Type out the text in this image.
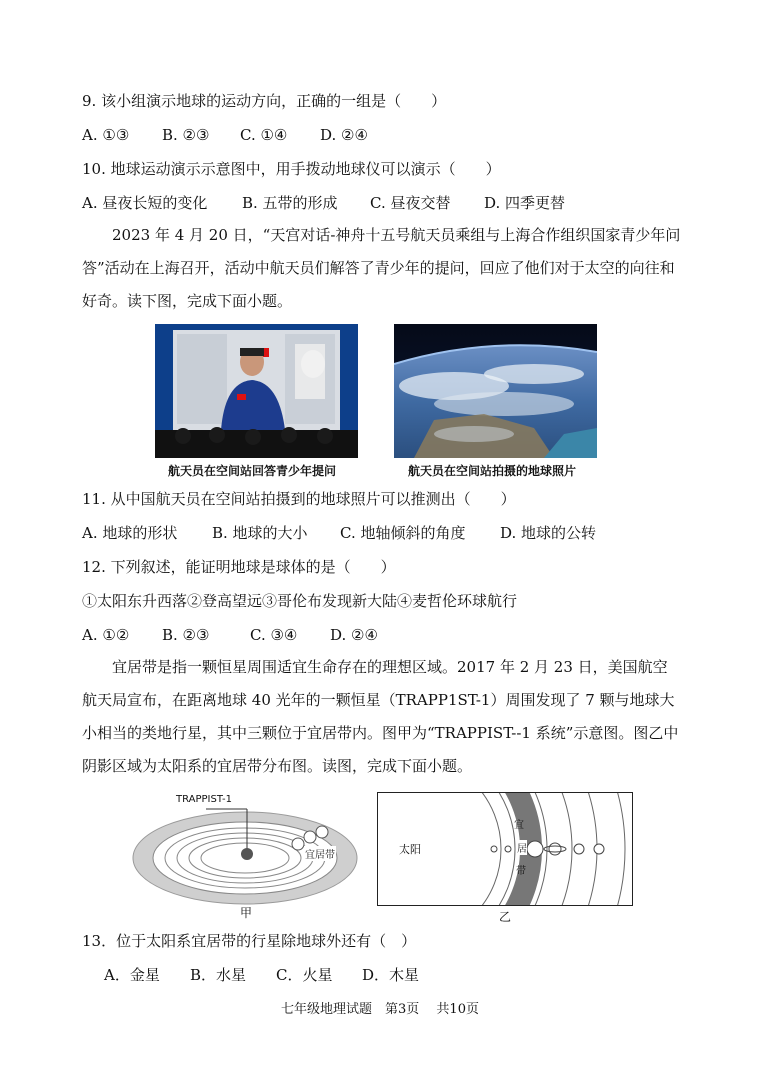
9. 该小组演示地球的运动方向，正确的一组是（　　）
A. ①③ B. ②③ C. ①④ D. ②④
10. 地球运动演示示意图中，用手拨动地球仪可以演示（　　）
A. 昼夜长短的变化 B. 五带的形成 C. 昼夜交替 D. 四季更替
2023 年 4 月 20 日，“天宫对话-神舟十五号航天员乘组与上海合作组织国家青少年问答”活动在上海召开，活动中航天员们解答了青少年的提问，回应了他们对于太空的向往和好奇。读下图，完成下面小题。
航天员在空间站回答青少年提问	航天员在空间站拍摄的地球照片
11. 从中国航天员在空间站拍摄到的地球照片可以推测出（　　）
A. 地球的形状 B. 地球的大小 C. 地轴倾斜的角度 D. 地球的公转
12. 下列叙述，能证明地球是球体的是（　　）
①太阳东升西落②登高望远③哥伦布发现新大陆④麦哲伦环球航行
A. ①② B. ②③	C. ③④ D. ②④
宜居带是指一颗恒星周围适宜生命存在的理想区域。2017 年 2 月 23 日，美国航空航天局宣布，在距离地球 40 光年的一颗恒星（TRAPP1ST-1）周围发现了 7 颗与地球大小相当的类地行星，其中三颗位于宜居带内。图甲为“TRAPPIST--1 系统”示意图。图乙中阴影区域为太阳系的宜居带分布图。读图，完成下面小题。
TRAPPIST-1
宜居带
甲
太阳
宜
居
带
乙
13．位于太阳系宜居带的行星除地球外还有（　）
A．金星 B．水星 C．火星 D．木星
七年级地理试题　第3页　 共10页
